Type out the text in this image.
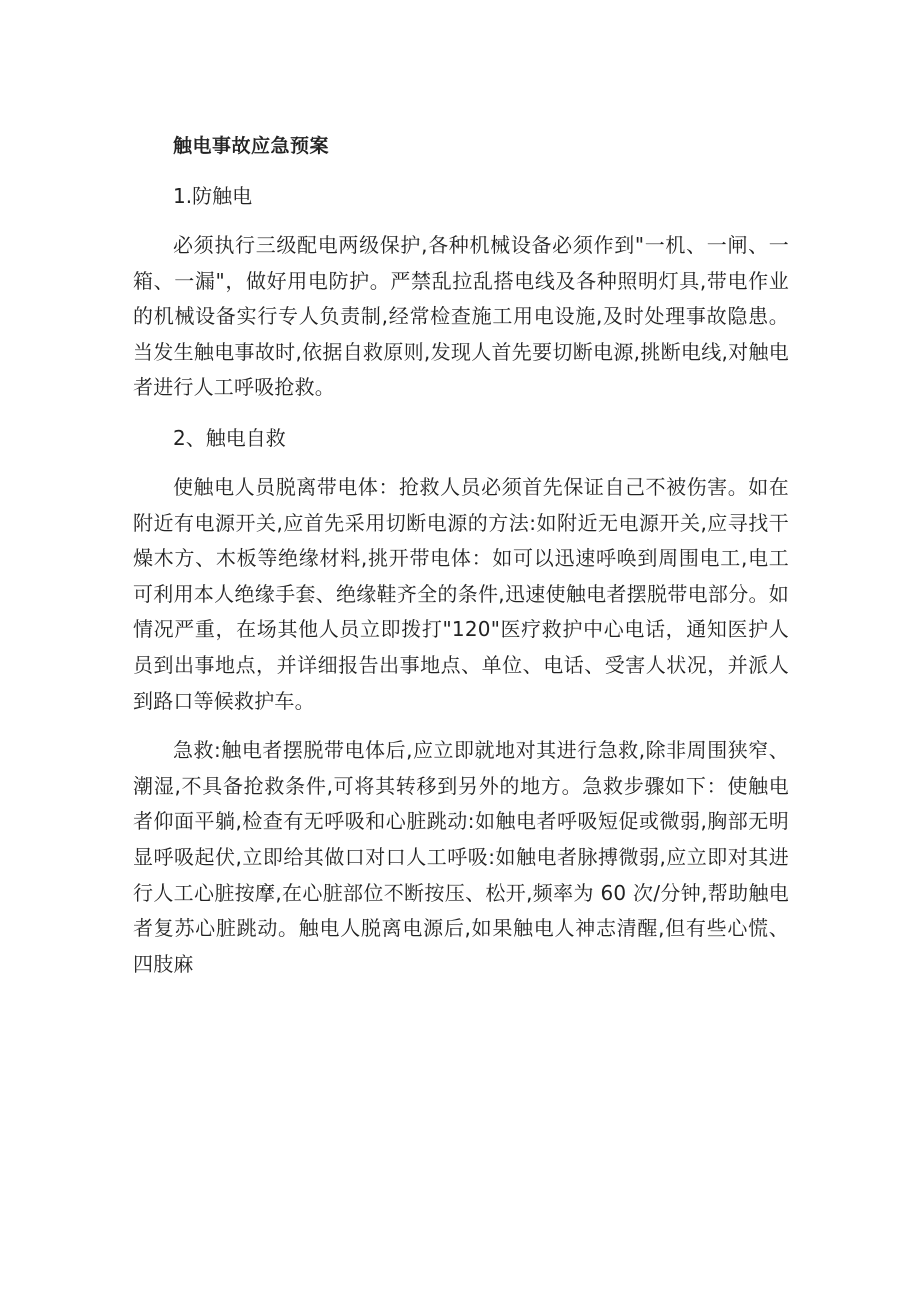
触电事故应急预案
1.防触电

必须执行三级配电两级保护,各种机械设备必须作到"一机、一闸、一箱、一漏"，做好用电防护。严禁乱拉乱搭电线及各种照明灯具,带电作业的机械设备实行专人负责制,经常检查施工用电设施,及时处理事故隐患。当发生触电事故时,依据自救原则,发现人首先要切断电源,挑断电线,对触电者进行人工呼吸抢救。

2、触电自救

使触电人员脱离带电体：抢救人员必须首先保证自己不被伤害。如在附近有电源开关,应首先采用切断电源的方法:如附近无电源开关,应寻找干燥木方、木板等绝缘材料,挑开带电体：如可以迅速呼唤到周围电工,电工可利用本人绝缘手套、绝缘鞋齐全的条件,迅速使触电者摆脱带电部分。如情况严重，在场其他人员立即拨打"120"医疗救护中心电话，通知医护人员到出事地点，并详细报告出事地点、单位、电话、受害人状况，并派人到路口等候救护车。

急救:触电者摆脱带电体后,应立即就地对其进行急救,除非周围狭窄、潮湿,不具备抢救条件,可将其转移到另外的地方。急救步骤如下：使触电者仰面平躺,检查有无呼吸和心脏跳动:如触电者呼吸短促或微弱,胸部无明显呼吸起伏,立即给其做口对口人工呼吸:如触电者脉搏微弱,应立即对其进行人工心脏按摩,在心脏部位不断按压、松开,频率为 60 次/分钟,帮助触电者复苏心脏跳动。触电人脱离电源后,如果触电人神志清醒,但有些心慌、四肢麻
